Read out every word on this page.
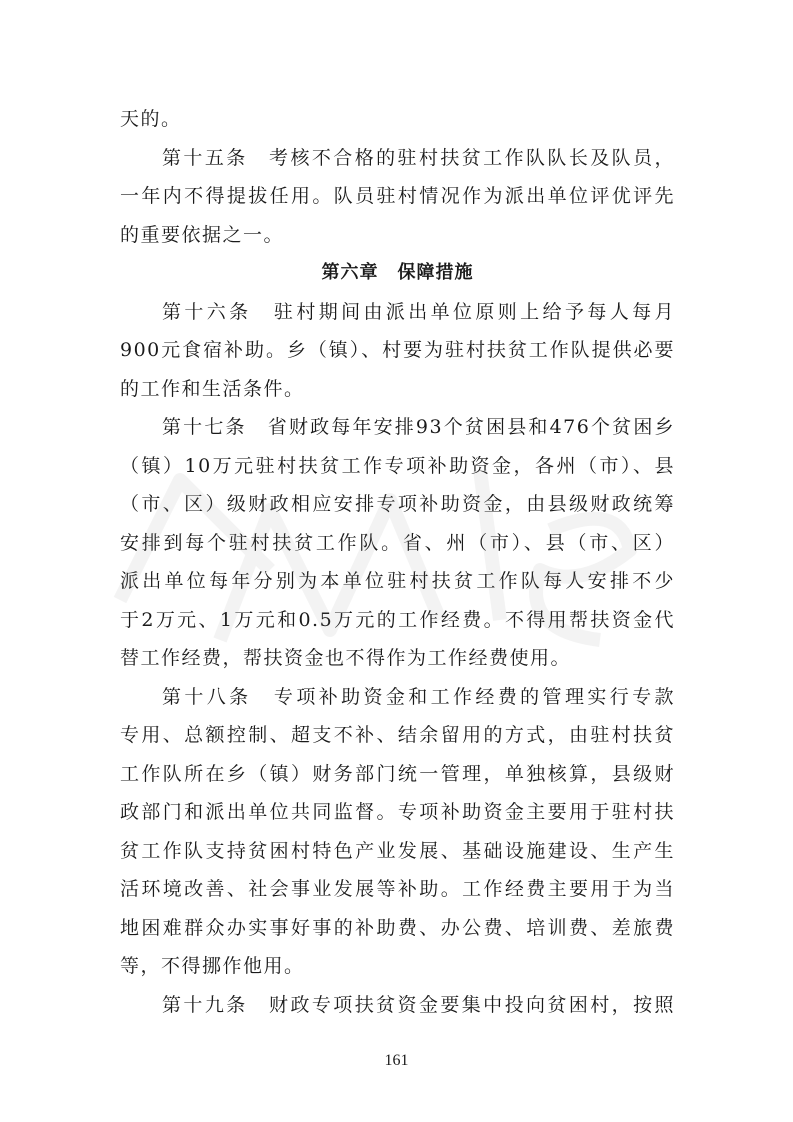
天的。
第十五条　考核不合格的驻村扶贫工作队队长及队员，
一年内不得提拔任用。队员驻村情况作为派出单位评优评先
的重要依据之一。
第六章　保障措施
第十六条　驻村期间由派出单位原则上给予每人每月
900元食宿补助。乡（镇）、村要为驻村扶贫工作队提供必要
的工作和生活条件。
第十七条　省财政每年安排93个贫困县和476个贫困乡
（镇）10万元驻村扶贫工作专项补助资金，各州（市）、县
（市、区）级财政相应安排专项补助资金，由县级财政统筹
安排到每个驻村扶贫工作队。省、州（市）、县（市、区）
派出单位每年分别为本单位驻村扶贫工作队每人安排不少
于2万元、1万元和0.5万元的工作经费。不得用帮扶资金代
替工作经费，帮扶资金也不得作为工作经费使用。
第十八条　专项补助资金和工作经费的管理实行专款
专用、总额控制、超支不补、结余留用的方式，由驻村扶贫
工作队所在乡（镇）财务部门统一管理，单独核算，县级财
政部门和派出单位共同监督。专项补助资金主要用于驻村扶
贫工作队支持贫困村特色产业发展、基础设施建设、生产生
活环境改善、社会事业发展等补助。工作经费主要用于为当
地困难群众办实事好事的补助费、办公费、培训费、差旅费
等，不得挪作他用。
第十九条　财政专项扶贫资金要集中投向贫困村，按照
161
